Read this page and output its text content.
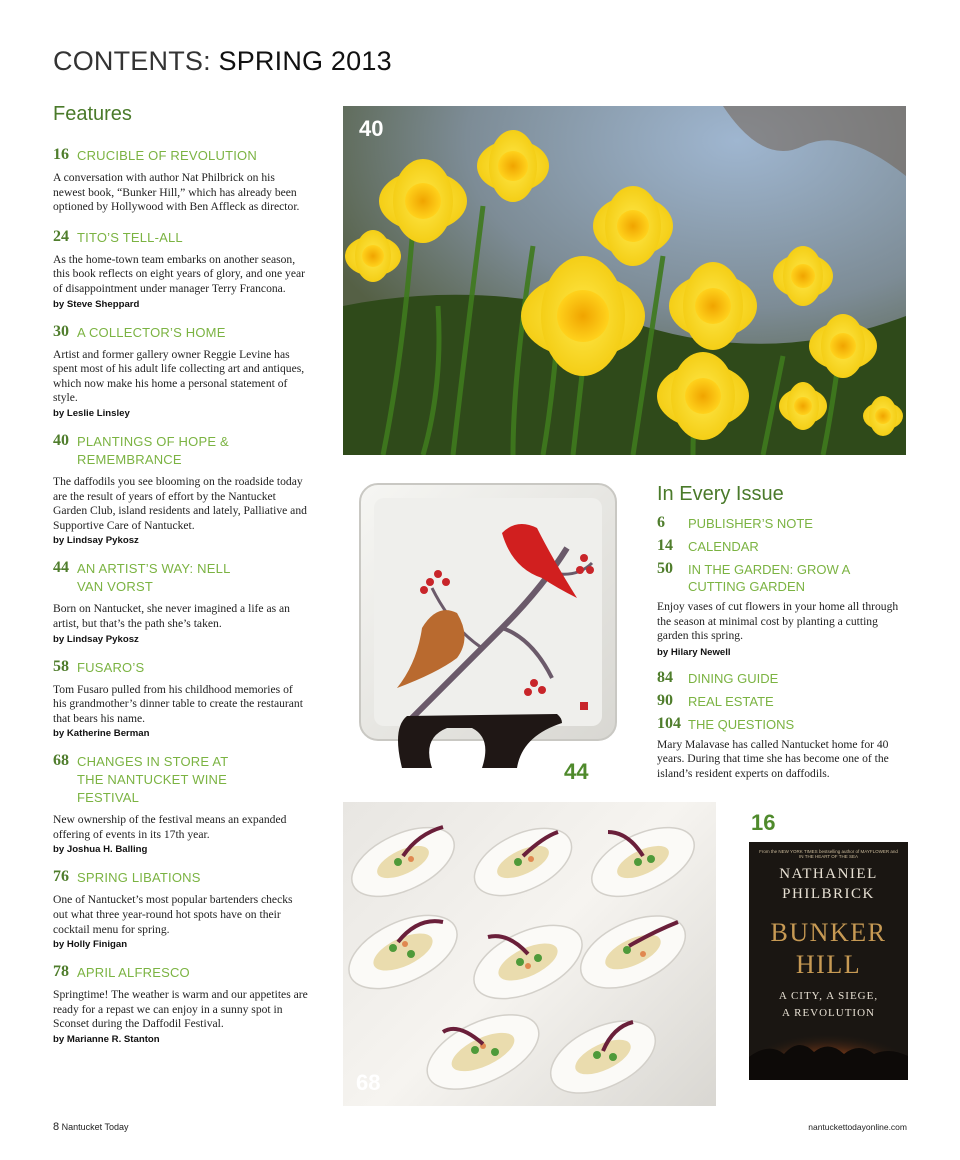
CONTENTS: SPRING 2013
Features
16 CRUCIBLE OF REVOLUTION
A conversation with author Nat Philbrick on his newest book, “Bunker Hill,” which has already been optioned by Hollywood with Ben Affleck as director.
24 TITO’S TELL-ALL
As the home-town team embarks on another season, this book reflects on eight years of glory, and one year of disappointment under manager Terry Francona.
by Steve Sheppard
30 A COLLECTOR’S HOME
Artist and former gallery owner Reggie Levine has spent most of his adult life collecting art and antiques, which now make his home a personal statement of style.
by Leslie Linsley
40 PLANTINGS OF HOPE & REMEMBRANCE
The daffodils you see blooming on the roadside today are the result of years of effort by the Nantucket Garden Club, island residents and lately, Palliative and Supportive Care of Nantucket.
by Lindsay Pykosz
44 AN ARTIST’S WAY: NELL VAN VORST
Born on Nantucket, she never imagined a life as an artist, but that’s the path she’s taken.
by Lindsay Pykosz
58 FUSARO’S
Tom Fusaro pulled from his childhood memories of his grandmother’s dinner table to create the restaurant that bears his name.
by Katherine Berman
68 CHANGES IN STORE AT THE NANTUCKET WINE FESTIVAL
New ownership of the festival means an expanded offering of events in its 17th year.
by Joshua H. Balling
76 SPRING LIBATIONS
One of Nantucket’s most popular bartenders checks out what three year-round hot spots have on their cocktail menu for spring.
by Holly Finigan
78 APRIL ALFRESCO
Springtime! The weather is warm and our appetites are ready for a repast we can enjoy in a sunny spot in Sconset during the Daffodil Festival.
by Marianne R. Stanton
40
44
In Every Issue
6	PUBLISHER’S NOTE
14	CALENDAR
50	IN THE GARDEN: GROW A CUTTING GARDEN
Enjoy vases of cut flowers in your home all through the season at minimal cost by planting a cutting garden this spring.
by Hilary Newell
84	DINING GUIDE
90	REAL ESTATE
104 THE QUESTIONS
Mary Malavase has called Nantucket home for 40 years. During that time she has become one of the island’s resident experts on daffodils.
68
16
From the NEW YORK TIMES bestselling author of MAYFLOWER and IN THE HEART OF THE SEA
NATHANIEL
PHILBRICK
BUNKER
HILL
A CITY, A SIEGE,
A REVOLUTION
8 Nantucket Today	nantuckettodayonline.com
